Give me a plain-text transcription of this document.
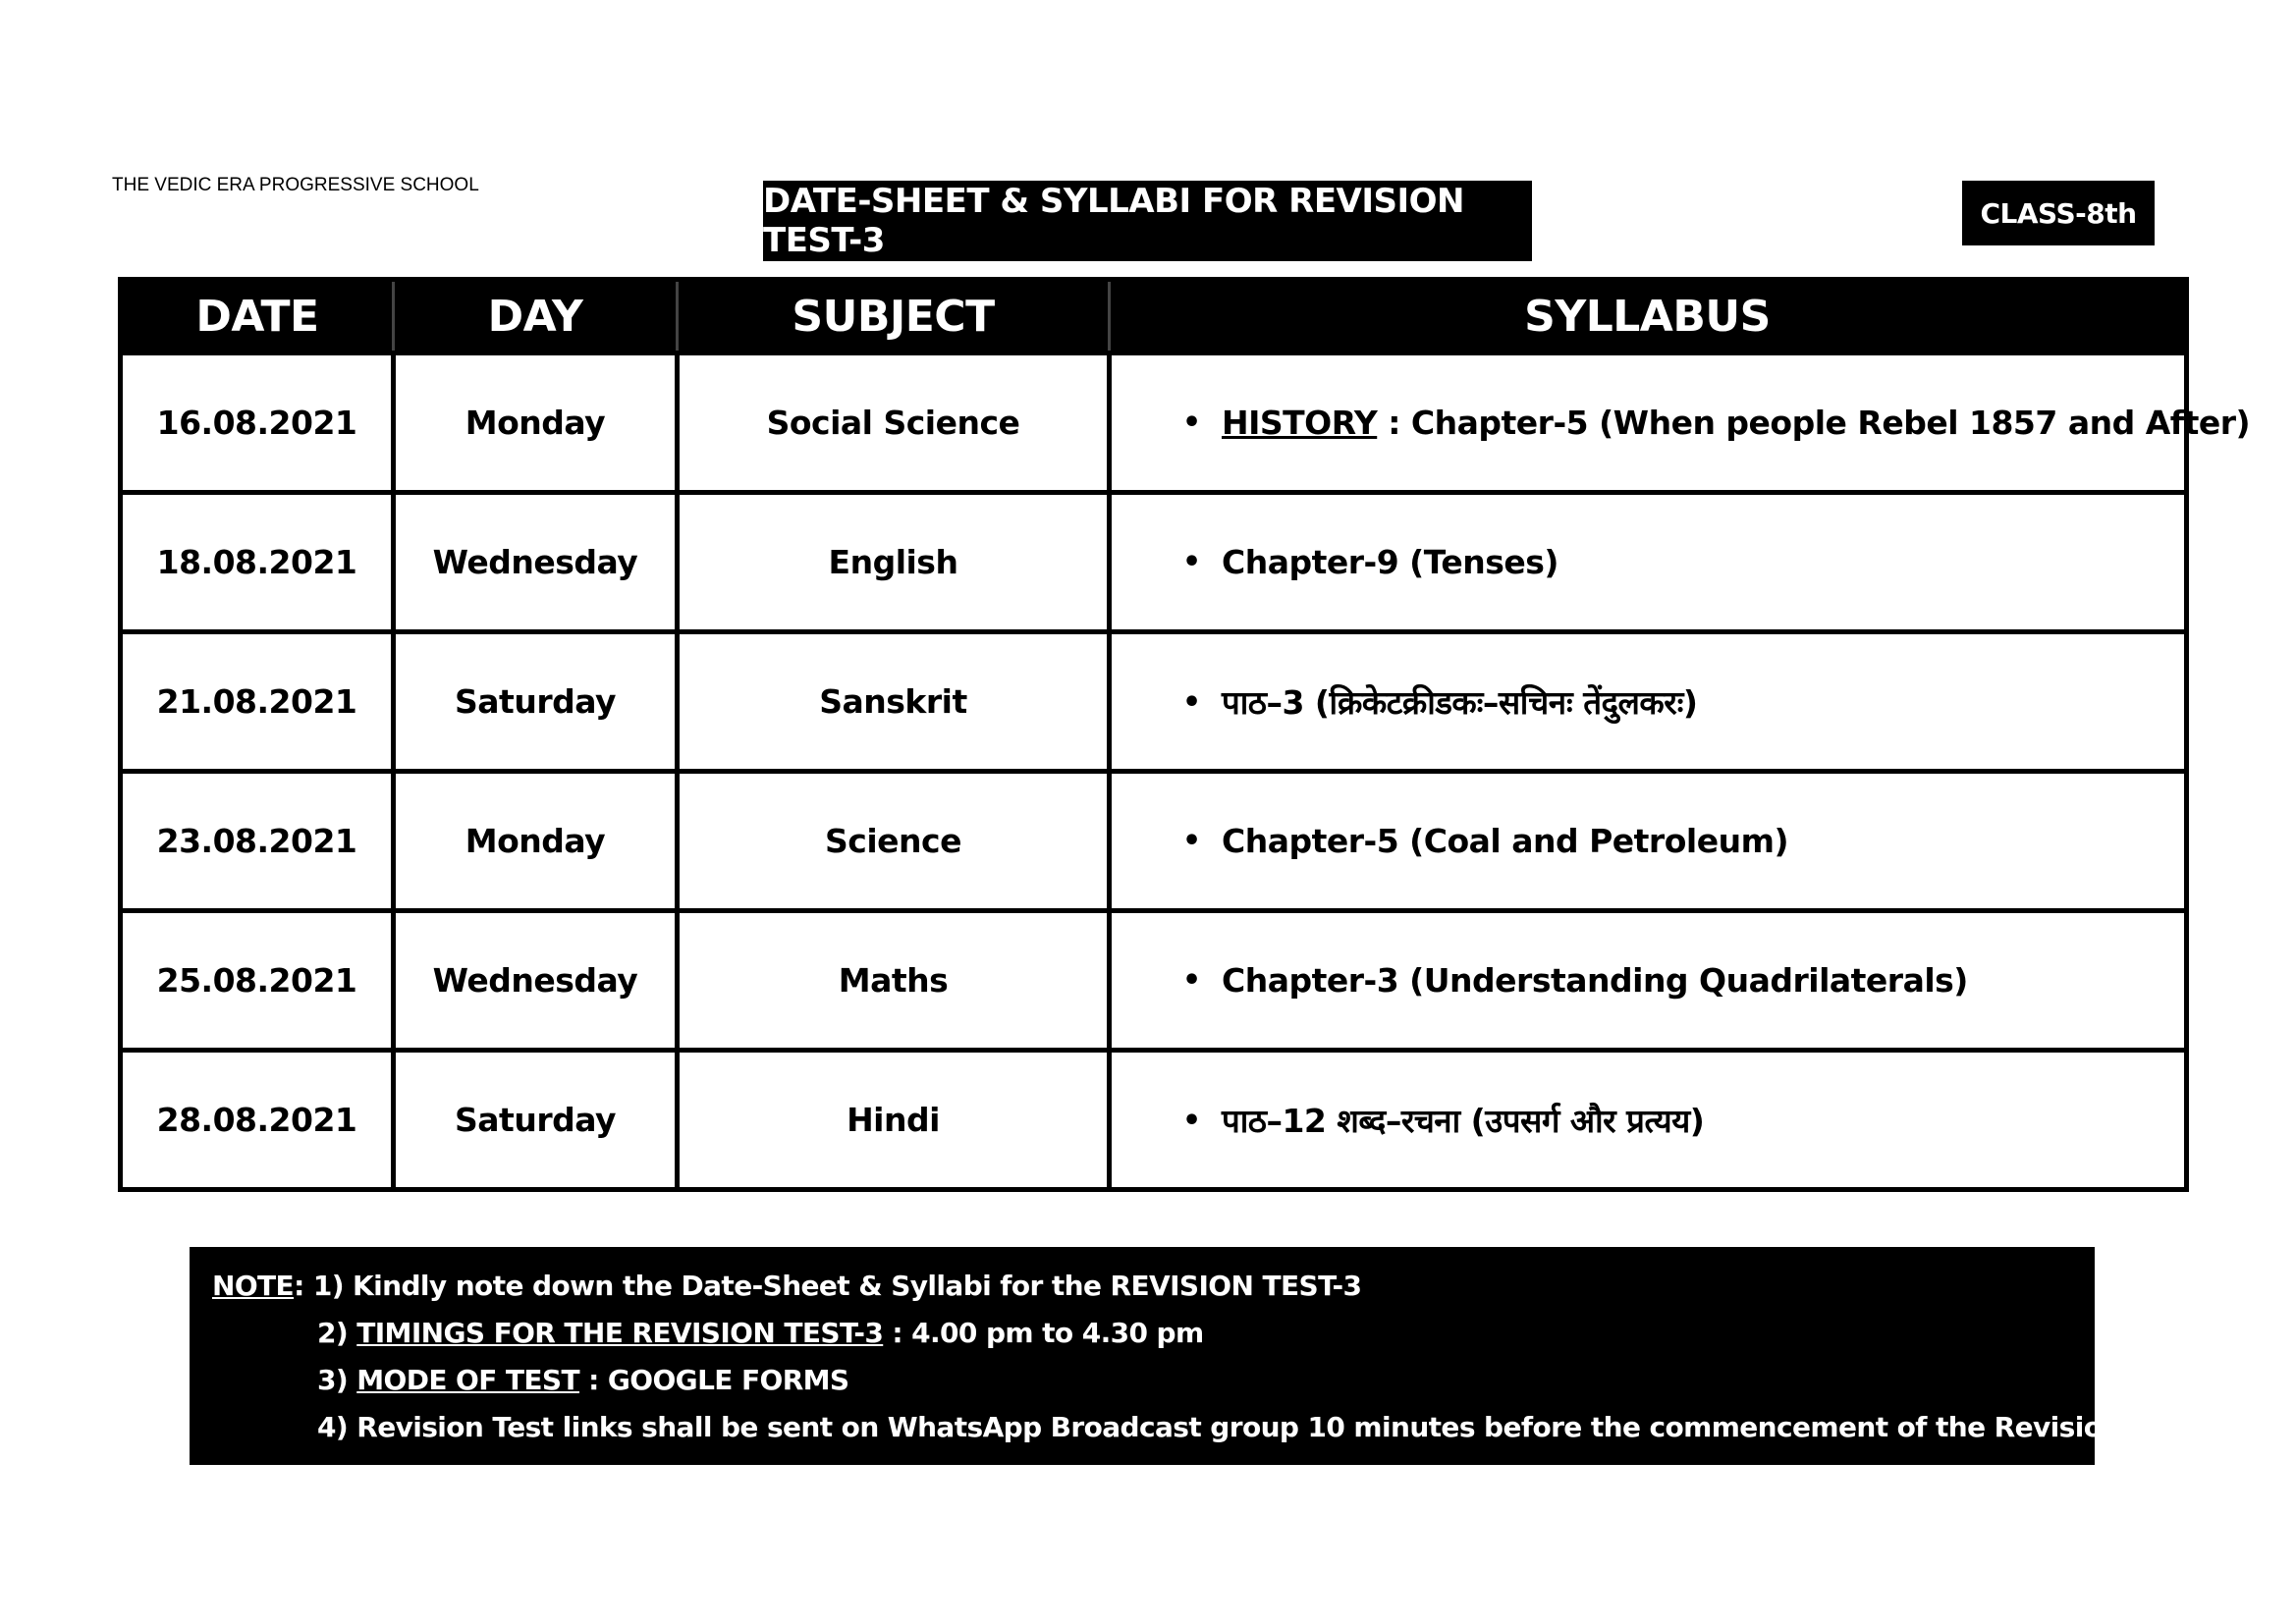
THE VEDIC ERA PROGRESSIVE SCHOOL	DATE-SHEET & SYLLABI FOR REVISION TEST-3
CLASS-8th
DATE	DAY	SUBJECT	SYLLABUS
16.08.2021	Monday	Social Science	• HISTORY : Chapter-5 (When people Rebel 1857 and After)
18.08.2021	Wednesday	English	• Chapter-9 (Tenses)
21.08.2021	Saturday	Sanskrit	• पाठ–3 (क्रिकेटक्रीडकः–सचिनः तेंदुलकरः)
23.08.2021	Monday	Science	• Chapter-5 (Coal and Petroleum)
25.08.2021	Wednesday	Maths	• Chapter-3 (Understanding Quadrilaterals)
28.08.2021	Saturday	Hindi	• पाठ–12 शब्द–रचना (उपसर्ग और प्रत्यय)
NOTE: 1) Kindly note down the Date-Sheet & Syllabi for the REVISION TEST-3
2) TIMINGS FOR THE REVISION TEST-3 : 4.00 pm to 4.30 pm
3) MODE OF TEST : GOOGLE FORMS
4) Revision Test links shall be sent on WhatsApp Broadcast group 10 minutes before the commencement of the Revision Test-3.
